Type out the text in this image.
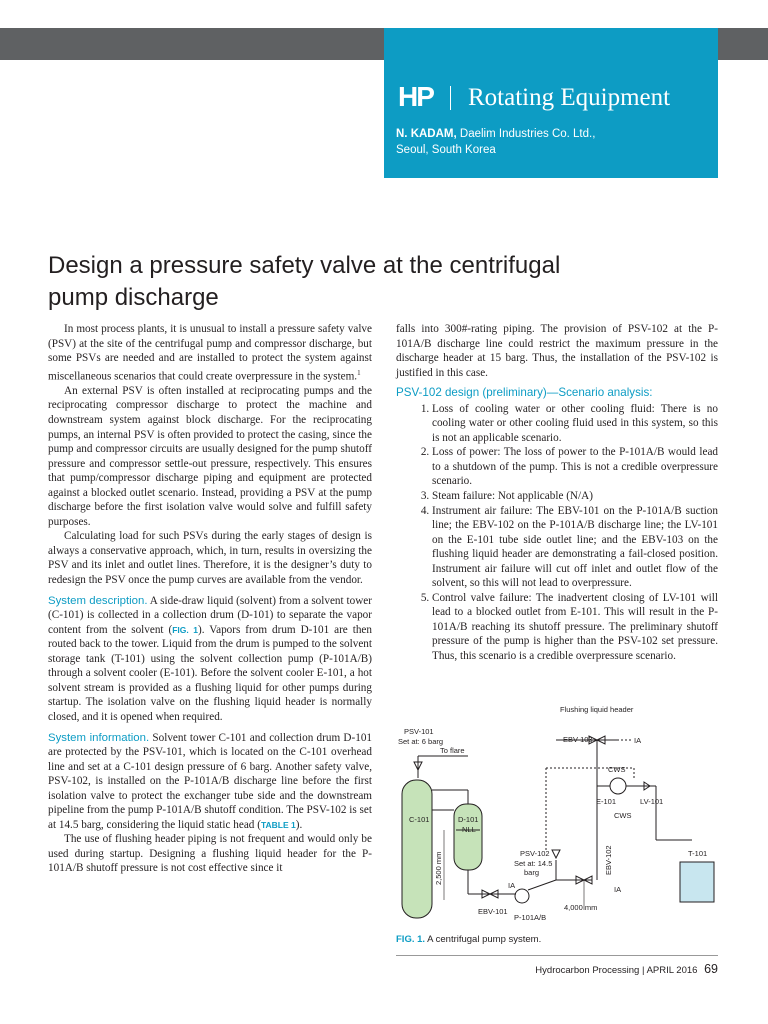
HP Rotating Equipment
N. KADAM, Daelim Industries Co. Ltd.,
Seoul, South Korea
Design a pressure safety valve at the centrifugal pump discharge

In most process plants, it is unusual to install a pressure safety valve (PSV) at the site of the centrifugal pump and compressor discharge, but some PSVs are needed and are installed to protect the system against miscellaneous scenarios that could create overpressure in the system.$^1$

An external PSV is often installed at reciprocating pumps and the reciprocating compressor discharge to protect the machine and downstream system against block discharge. For the reciprocating pumps, an internal PSV is often provided to protect the casing, since the pump and compressor circuits are usually designed for the pump shutoff pressure and compressor settle-out pressure, respectively. This ensures that pump/compressor discharge piping and equipment are protected against a blocked outlet scenario. Instead, providing a PSV at the pump discharge before the first isolation valve would solve and fulfill safety purposes.

Calculating load for such PSVs during the early stages of design is always a conservative approach, which, in turn, results in oversizing the PSV and its inlet and outlet lines. Therefore, it is the designer’s duty to redesign the PSV once the pump curves are available from the vendor.

System description. A side-draw liquid (solvent) from a solvent tower (C-101) is collected in a collection drum (D-101) to separate the vapor content from the solvent (FIG. 1). Vapors from drum D-101 are then routed back to the tower. Liquid from the drum is pumped to the solvent storage tank (T-101) using the solvent collection pump (P-101A/B) through a solvent cooler (E-101). Before the solvent cooler E-101, a hot solvent stream is provided as a flushing liquid for other pumps during startup. The isolation valve on the flushing liquid header is normally closed, and it is opened when required.

System information. Solvent tower C-101 and collection drum D-101 are protected by the PSV-101, which is located on the C-101 overhead line and set at a C-101 design pressure of 6 barg. Another safety valve, PSV-102, is installed on the P-101A/B discharge line before the first isolation valve to protect the exchanger tube side and the downstream pipeline from the pump P-101A/B shutoff condition. The PSV-102 is set at 14.5 barg, considering the liquid static head (TABLE 1).

The use of flushing header piping is not frequent and would only be used during startup. Designing a flushing liquid header for the P-101A/B shutoff pressure is not cost effective since it

falls into 300#-rating piping. The provision of PSV-102 at the P-101A/B discharge line could restrict the maximum pressure in the discharge header at 15 barg. Thus, the installation of the PSV-102 is justified in this case.

PSV-102 design (preliminary)—Scenario analysis:
1. Loss of cooling water or other cooling fluid: There is no cooling water or other cooling fluid used in this system, so this is not an applicable scenario.
2. Loss of power: The loss of power to the P-101A/B would lead to a shutdown of the pump. This is not a credible overpressure scenario.
3. Steam failure: Not applicable (N/A)
4. Instrument air failure: The EBV-101 on the P-101A/B suction line; the EBV-102 on the P-101A/B discharge line; the LV-101 on the E-101 tube side outlet line; and the EBV-103 on the flushing liquid header are demonstrating a fail-closed position. Instrument air failure will cut off inlet and outlet flow of the solvent, so this will not lead to overpressure.
5. Control valve failure: The inadvertent closing of LV-101 will lead to a blocked outlet from E-101. This will result in the P-101A/B reaching its shutoff pressure. The preliminary shutoff pressure of the pump is higher than the PSV-102 set pressure. Thus, this scenario is a credible overpressure scenario.
Flushing liquid header
EBV-103	IA
PSV-101
Set at: 6 barg
To flare
C-101	D-101
NLL
2,500 mm
EBV-101
IA
P-101A/B
PSV-102
Set at: 14.5
barg	EBV-102
IA
4,000 mm
CWS
E-101
CWS
LV-101
T-101
FIG. 1. A centrifugal pump system.
Hydrocarbon Processing | APRIL 2016 69
